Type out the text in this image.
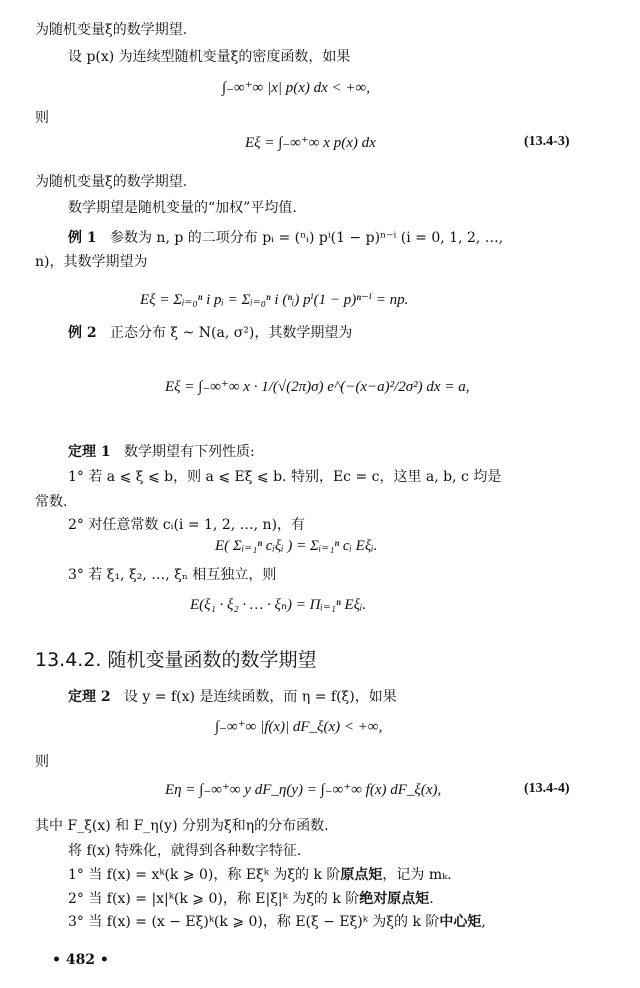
为随机变量ξ的数学期望.
设 p(x) 为连续型随机变量ξ的密度函数，如果
∫₋∞⁺∞ |x| p(x) dx < +∞,
则
Eξ = ∫₋∞⁺∞ x p(x) dx	(13.4-3)
为随机变量ξ的数学期望.
数学期望是随机变量的“加权”平均值.
例 1 参数为 n, p 的二项分布 pᵢ = (ⁿᵢ) pⁱ(1 − p)ⁿ⁻ⁱ (i = 0, 1, 2, …,
n)，其数学期望为
Eξ = Σᵢ₌₀ⁿ i pᵢ = Σᵢ₌₀ⁿ i (ⁿᵢ) pⁱ(1 − p)ⁿ⁻ⁱ = np.
例 2 正态分布 ξ ~ N(a, σ²)，其数学期望为
Eξ = ∫₋∞⁺∞ x · 1/(√(2π)σ) e^(−(x−a)²/2σ²) dx = a,
定理 1 数学期望有下列性质:
1° 若 a ⩽ ξ ⩽ b，则 a ⩽ Eξ ⩽ b. 特别，Ec = c，这里 a, b, c 均是
常数.
2° 对任意常数 cᵢ(i = 1, 2, …, n)，有
E( Σᵢ₌₁ⁿ cᵢξᵢ ) = Σᵢ₌₁ⁿ cᵢ Eξᵢ.
3° 若 ξ₁, ξ₂, …, ξₙ 相互独立，则
E(ξ₁ · ξ₂ · … · ξₙ) = Πᵢ₌₁ⁿ Eξᵢ.
13.4.2. 随机变量函数的数学期望
定理 2 设 y = f(x) 是连续函数，而 η = f(ξ)，如果
∫₋∞⁺∞ |f(x)| dF_ξ(x) < +∞,
则
Eη = ∫₋∞⁺∞ y dF_η(y) = ∫₋∞⁺∞ f(x) dF_ξ(x),	(13.4-4)
其中 F_ξ(x) 和 F_η(y) 分别为ξ和η的分布函数.
将 f(x) 特殊化，就得到各种数字特征.
1° 当 f(x) = xᵏ(k ⩾ 0)，称 Eξᵏ 为ξ的 k 阶原点矩，记为 mₖ.
2° 当 f(x) = |x|ᵏ(k ⩾ 0)，称 E|ξ|ᵏ 为ξ的 k 阶绝对原点矩.
3° 当 f(x) = (x − Eξ)ᵏ(k ⩾ 0)，称 E(ξ − Eξ)ᵏ 为ξ的 k 阶中心矩,
• 482 •
